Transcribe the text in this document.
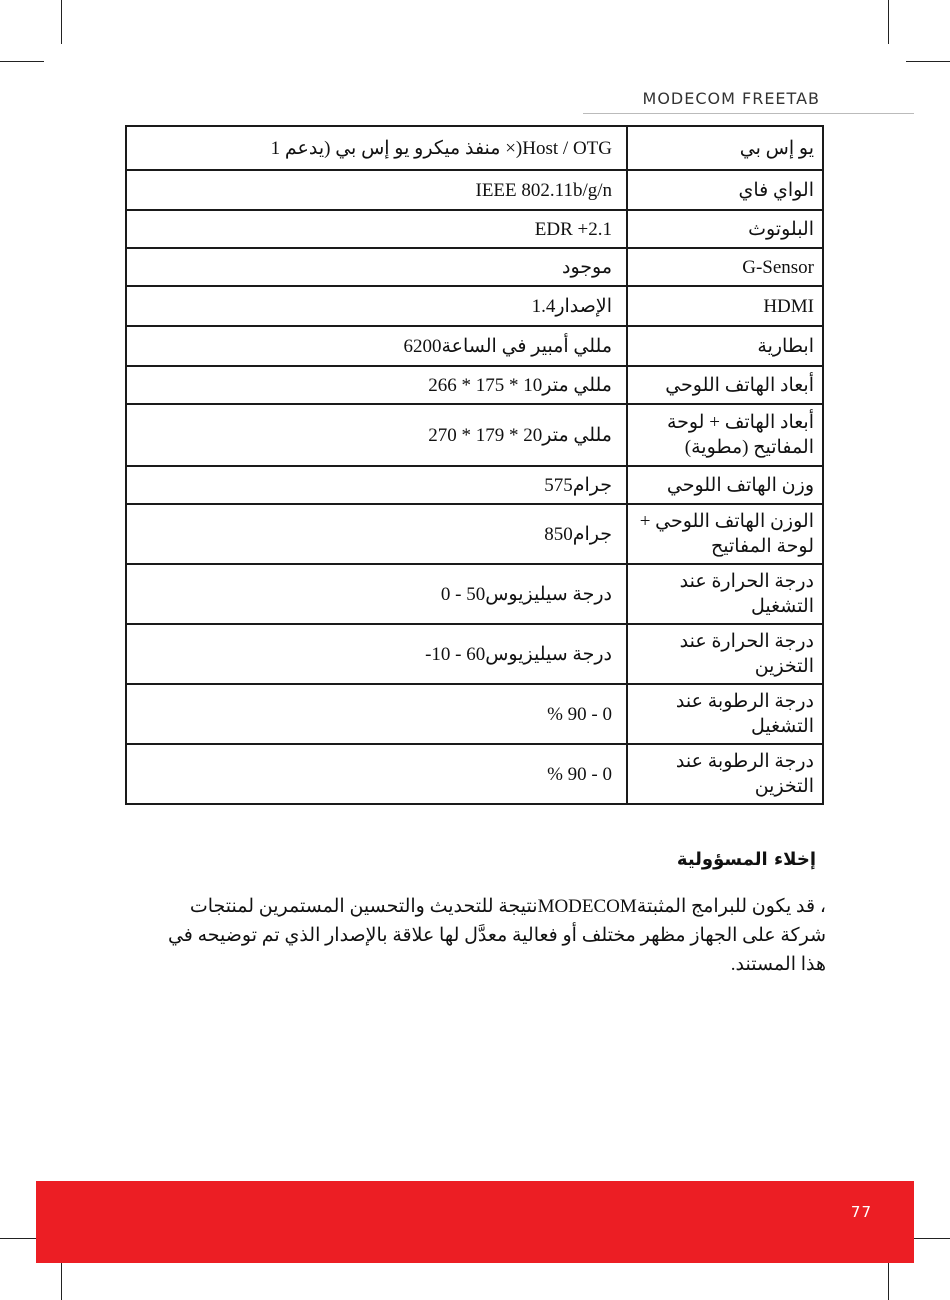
MODECOM FREETAB
يو إس بي	Host / OTG(× منفذ ميكرو يو إس بي (يدعم 1
الواي فاي	IEEE 802.11b/g/n
البلوتوث	2.1+ EDR
G-Sensor	موجود
HDMI	الإصدار1.4
ابطارية	مللي أمبير في الساعة6200
أبعاد الهاتف اللوحي	مللي متر10 * 175 * 266
أبعاد الهاتف + لوحة المفاتيح (مطوية)	مللي متر20 * 179 * 270
وزن الهاتف اللوحي	جرام575
الوزن الهاتف اللوحي + لوحة المفاتيح	جرام850
درجة الحرارة عند التشغيل	درجة سيليزيوس50 - 0
درجة الحرارة عند التخزين	درجة سيليزيوس60 - 10-
درجة الرطوبة عند التشغيل	0 - 90 %
درجة الرطوبة عند التخزين	0 - 90 %
إخلاء المسؤولية
، قد يكون للبرامج المثبتةMODECOMنتيجة للتحديث والتحسين المستمرين لمنتجات شركة على الجهاز مظهر مختلف أو فعالية معدَّل لها علاقة بالإصدار الذي تم توضيحه في هذا المستند.
77
